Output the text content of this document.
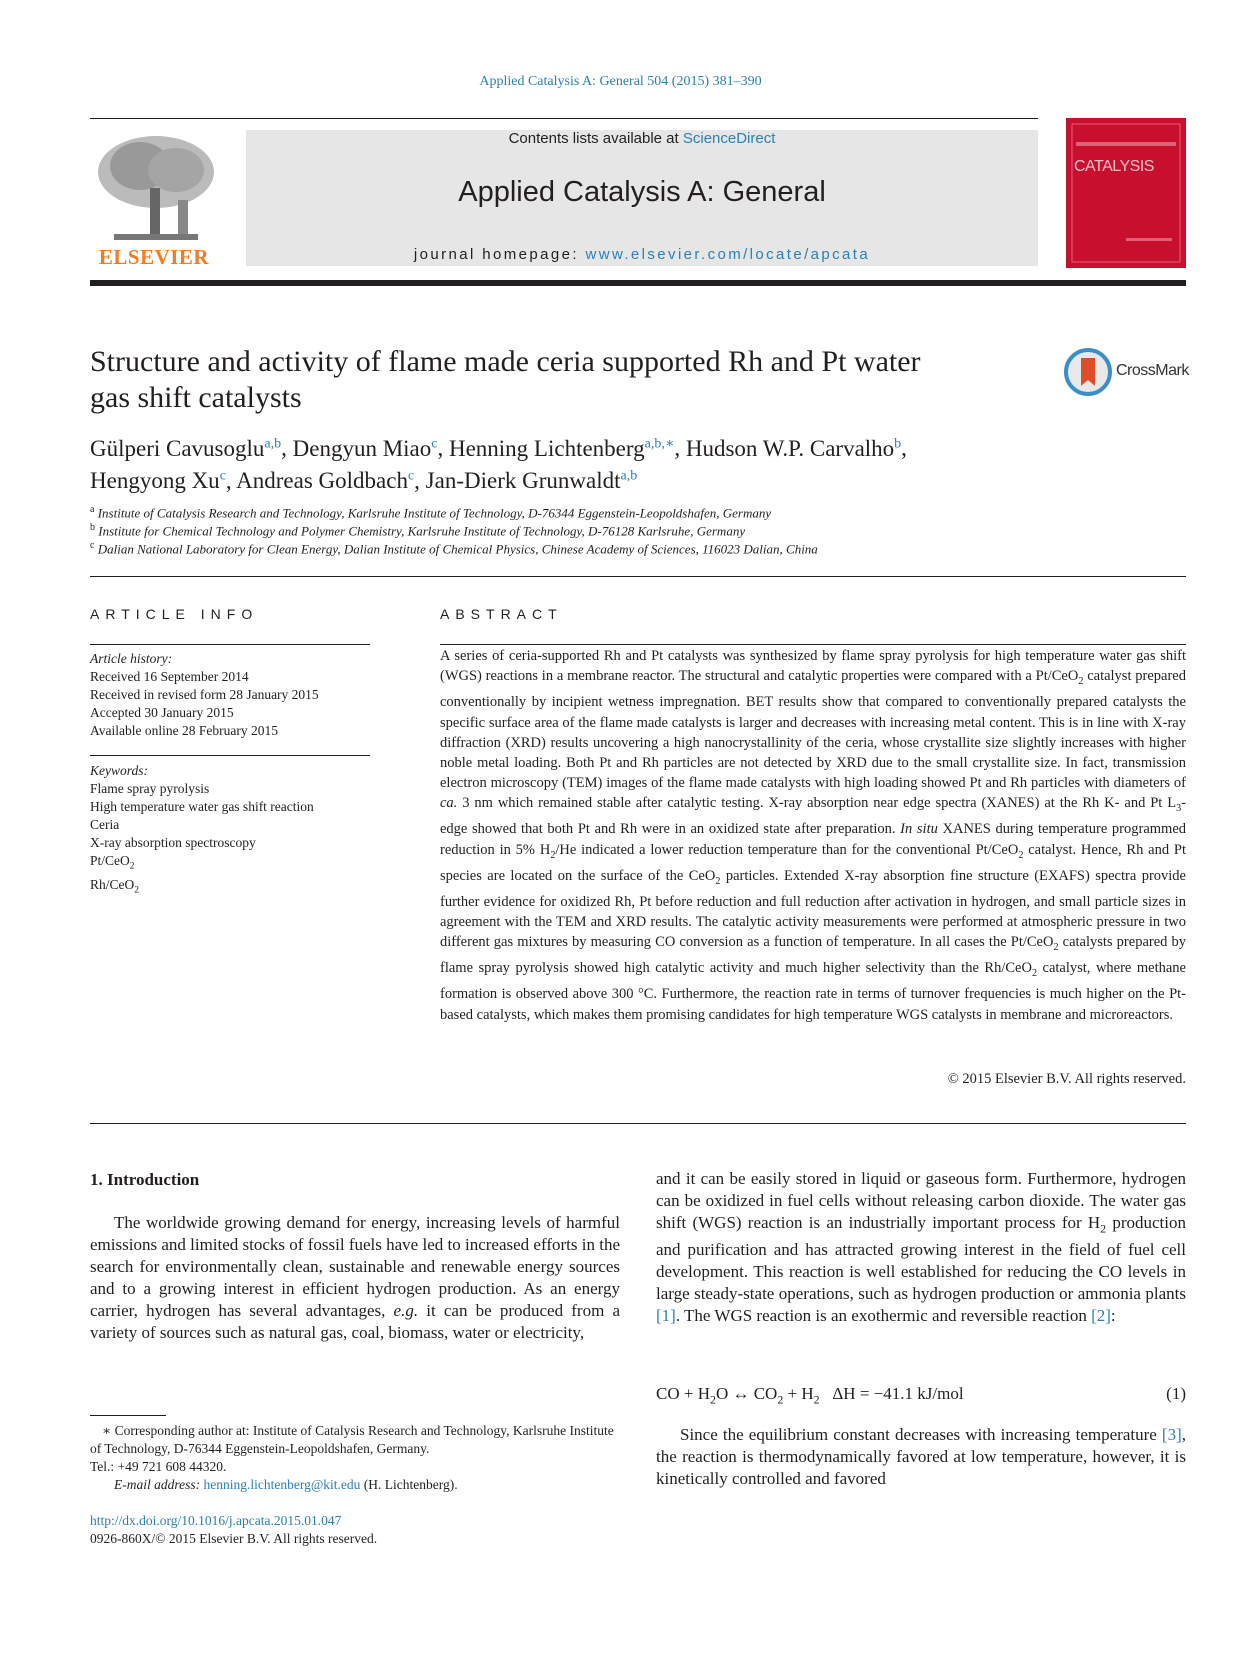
Applied Catalysis A: General 504 (2015) 381–390
ELSEVIER
Contents lists available at ScienceDirect
Applied Catalysis A: General
journal homepage: www.elsevier.com/locate/apcata
CATALYSIS
Structure and activity of flame made ceria supported Rh and Pt water
gas shift catalysts
CrossMark
Gülperi Cavusoglu$^{a,b}$, Dengyun Miao$^c$, Henning Lichtenberg$^{a,b,∗}$, Hudson W.P. Carvalho$^b$,
Hengyong Xu$^c$, Andreas Goldbach$^c$, Jan-Dierk Grunwaldt$^{a,b}$
$^a$ Institute of Catalysis Research and Technology, Karlsruhe Institute of Technology, D-76344 Eggenstein-Leopoldshafen, Germany
$^b$ Institute for Chemical Technology and Polymer Chemistry, Karlsruhe Institute of Technology, D-76128 Karlsruhe, Germany
$^c$ Dalian National Laboratory for Clean Energy, Dalian Institute of Chemical Physics, Chinese Academy of Sciences, 116023 Dalian, China
ARTICLE INFO
Article history:
Received 16 September 2014
Received in revised form 28 January 2015
Accepted 30 January 2015
Available online 28 February 2015
Keywords:
Flame spray pyrolysis
High temperature water gas shift reaction
Ceria
X-ray absorption spectroscopy
Pt/CeO$_2$
Rh/CeO$_2$
ABSTRACT
A series of ceria-supported Rh and Pt catalysts was synthesized by flame spray pyrolysis for high temperature water gas shift (WGS) reactions in a membrane reactor. The structural and catalytic properties were compared with a Pt/CeO$_2$ catalyst prepared conventionally by incipient wetness impregnation. BET results show that compared to conventionally prepared catalysts the specific surface area of the flame made catalysts is larger and decreases with increasing metal content. This is in line with X-ray diffraction (XRD) results uncovering a high nanocrystallinity of the ceria, whose crystallite size slightly increases with higher noble metal loading. Both Pt and Rh particles are not detected by XRD due to the small crystallite size. In fact, transmission electron microscopy (TEM) images of the flame made catalysts with high loading showed Pt and Rh particles with diameters of ca. 3 nm which remained stable after catalytic testing. X-ray absorption near edge spectra (XANES) at the Rh K- and Pt $L_3$-edge showed that both Pt and Rh were in an oxidized state after preparation. In situ XANES during temperature programmed reduction in 5% $H_2/He$ indicated a lower reduction temperature than for the conventional Pt/CeO$_2$ catalyst. Hence, Rh and Pt species are located on the surface of the CeO$_2$ particles. Extended X-ray absorption fine structure (EXAFS) spectra provide further evidence for oxidized Rh, Pt before reduction and full reduction after activation in hydrogen, and small particle sizes in agreement with the TEM and XRD results. The catalytic activity measurements were performed at atmospheric pressure in two different gas mixtures by measuring CO conversion as a function of temperature. In all cases the Pt/CeO$_2$ catalysts prepared by flame spray pyrolysis showed high catalytic activity and much higher selectivity than the Rh/CeO$_2$ catalyst, where methane formation is observed above 300 °C. Furthermore, the reaction rate in terms of turnover frequencies is much higher on the Pt-based catalysts, which makes them promising candidates for high temperature WGS catalysts in membrane and microreactors.
© 2015 Elsevier B.V. All rights reserved.
1. Introduction
The worldwide growing demand for energy, increasing levels of harmful emissions and limited stocks of fossil fuels have led to increased efforts in the search for environmentally clean, sustainable and renewable energy sources and to a growing interest in efficient hydrogen production. As an energy carrier, hydrogen has several advantages, e.g. it can be produced from a variety of sources such as natural gas, coal, biomass, water or electricity,
and it can be easily stored in liquid or gaseous form. Furthermore, hydrogen can be oxidized in fuel cells without releasing carbon dioxide. The water gas shift (WGS) reaction is an industrially important process for $H_2$ production and purification and has attracted growing interest in the field of fuel cell development. This reaction is well established for reducing the CO levels in large steady-state operations, such as hydrogen production or ammonia plants [1]. The WGS reaction is an exothermic and reversible reaction [2]:
CO + $H_2O$ ↔ $CO_2 + H_2$   ΔH = −41.1 kJ/mol	(1)
Since the equilibrium constant decreases with increasing temperature [3], the reaction is thermodynamically favored at low temperature, however, it is kinetically controlled and favored
∗ Corresponding author at: Institute of Catalysis Research and Technology, Karlsruhe Institute of Technology, D-76344 Eggenstein-Leopoldshafen, Germany.
Tel.: +49 721 608 44320.
E-mail address: henning.lichtenberg@kit.edu (H. Lichtenberg).
http://dx.doi.org/10.1016/j.apcata.2015.01.047
0926-860X/© 2015 Elsevier B.V. All rights reserved.
